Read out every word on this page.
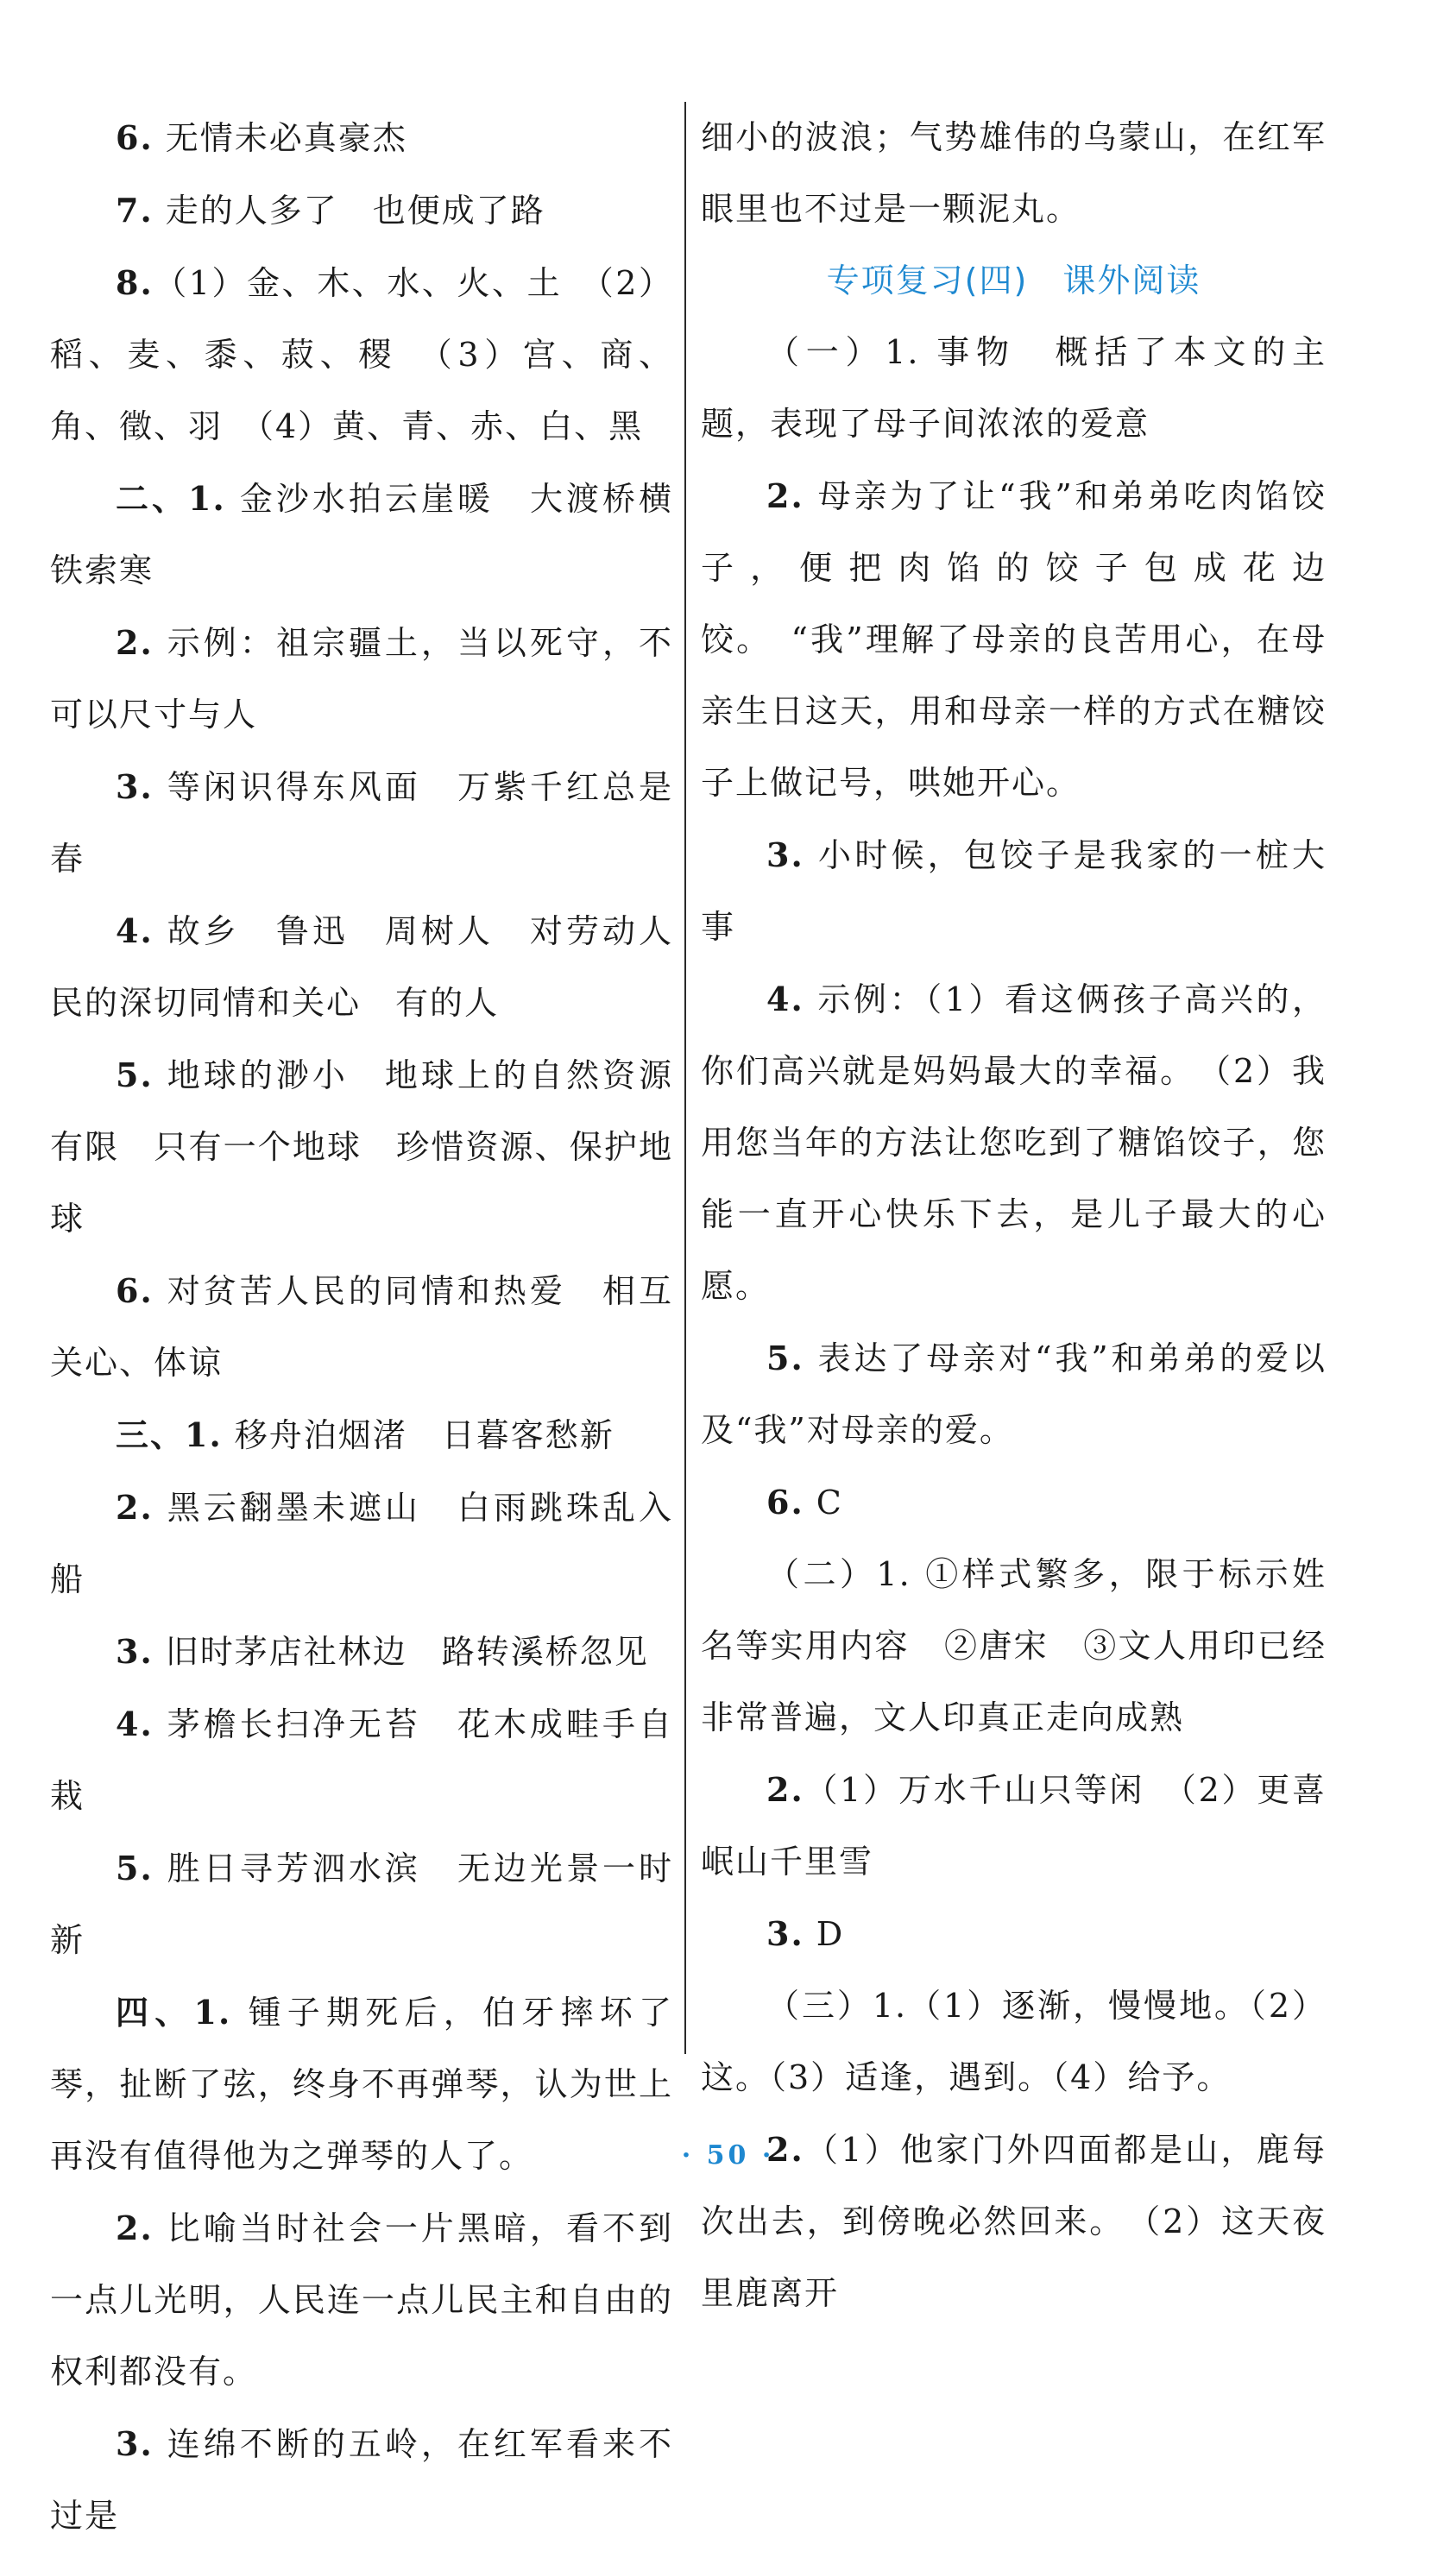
6. 无情未必真豪杰

7. 走的人多了　也便成了路

8.（1）金、木、水、火、土　（2）稻、麦、黍、菽、稷　（3）宫、商、角、徵、羽　（4）黄、青、赤、白、黑

二、1. 金沙水拍云崖暖　大渡桥横铁索寒

2. 示例：祖宗疆土，当以死守，不可以尺寸与人

3. 等闲识得东风面　万紫千红总是春

4. 故乡　鲁迅　周树人　对劳动人民的深切同情和关心　有的人

5. 地球的渺小　地球上的自然资源有限　只有一个地球　珍惜资源、保护地球

6. 对贫苦人民的同情和热爱　相互关心、体谅

三、1. 移舟泊烟渚　日暮客愁新

2. 黑云翻墨未遮山　白雨跳珠乱入船

3. 旧时茅店社林边　路转溪桥忽见

4. 茅檐长扫净无苔　花木成畦手自栽

5. 胜日寻芳泗水滨　无边光景一时新

四、1. 锺子期死后，伯牙摔坏了琴，扯断了弦，终身不再弹琴，认为世上再没有值得他为之弹琴的人了。

2. 比喻当时社会一片黑暗，看不到一点儿光明，人民连一点儿民主和自由的权利都没有。

3. 连绵不断的五岭，在红军看来不过是

细小的波浪；气势雄伟的乌蒙山，在红军眼里也不过是一颗泥丸。

专项复习(四)　课外阅读

（一）1. 事物　概括了本文的主题，表现了母子间浓浓的爱意

2. 母亲为了让“我”和弟弟吃肉馅饺子，便把肉馅的饺子包成花边饺。　“我”理解了母亲的良苦用心，在母亲生日这天，用和母亲一样的方式在糖饺子上做记号，哄她开心。

3. 小时候，包饺子是我家的一桩大事

4. 示例：（1）看这俩孩子高兴的，你们高兴就是妈妈最大的幸福。　（2）我用您当年的方法让您吃到了糖馅饺子，您能一直开心快乐下去，是儿子最大的心愿。

5. 表达了母亲对“我”和弟弟的爱以及“我”对母亲的爱。

6. C

（二）1. ①样式繁多，限于标示姓名等实用内容　②唐宋　③文人用印已经非常普遍，文人印真正走向成熟

2.（1）万水千山只等闲　（2）更喜岷山千里雪

3. D

（三）1.（1）逐渐，慢慢地。（2）这。（3）适逢，遇到。（4）给予。

2.（1）他家门外四面都是山，鹿每次出去，到傍晚必然回来。　（2）这天夜里鹿离开

· 50 ·
